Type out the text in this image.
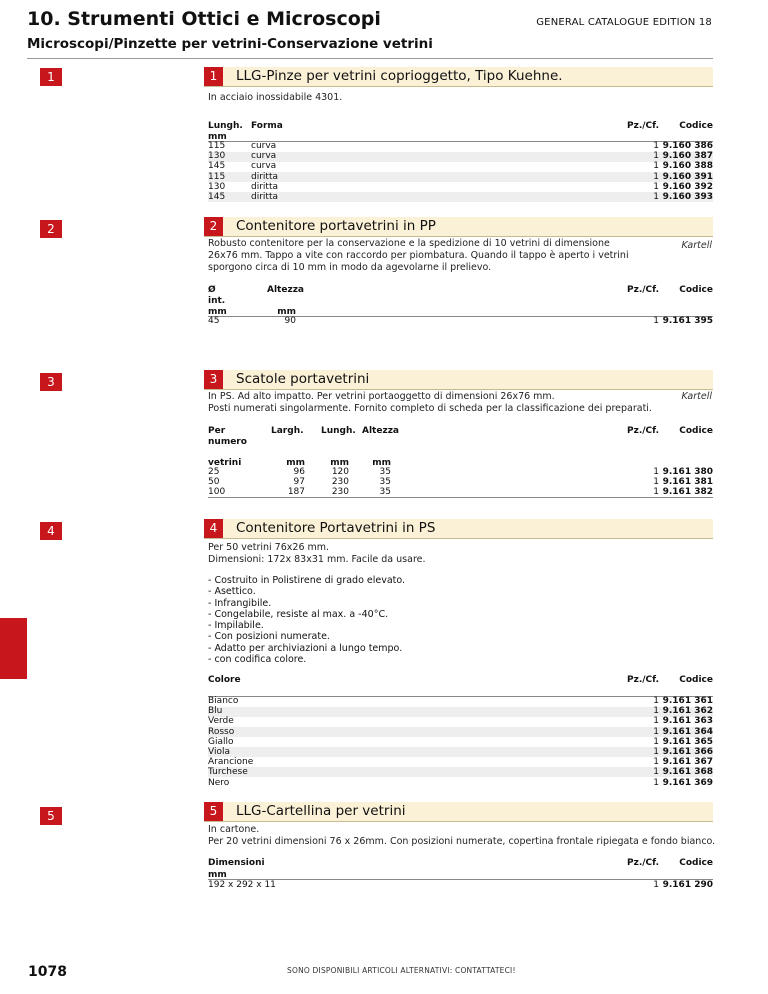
10. Strumenti Ottici e Microscopi	GENERAL CATALOGUE EDITION 18
Microscopi/Pinzette per vetrini-Conservazione vetrini
1
2
3
4
5
1	LLG-Pinze per vetrini coprioggetto, Tipo Kuehne.
In acciaio inossidabile 4301.
Lungh.
mm
Forma	Pz./Cf.	Codice
115	curva	1 9.160 386
130	curva	1 9.160 387
145	curva	1 9.160 388
115	diritta	1 9.160 391
130	diritta	1 9.160 392
145	diritta	1 9.160 393
2	Contenitore portavetrini in PP
Kartell
Robusto contenitore per la conservazione e la spedizione di 10 vetrini di dimensione
26x76 mm. Tappo a vite con raccordo per piombatura. Quando il tappo è aperto i vetrini
sporgono circa di 10 mm in modo da agevolarne il prelievo.
Ø
int.
mm
Altezza
mm
Pz./Cf.	Codice
45	90	1 9.161 395
3	Scatole portavetrini
Kartell
In PS. Ad alto impatto. Per vetrini portaoggetto di dimensioni 26x76 mm.
Posti numerati singolarmente. Fornito completo di scheda per la classificazione dei preparati.
Per
numero
vetrini
Largh. Lungh. Altezza
mm	mm	mm
Pz./Cf.	Codice
25	96	120	35	1 9.161 380
50	97	230	35	1 9.161 381
100	187	230	35	1 9.161 382
4	Contenitore Portavetrini in PS
Per 50 vetrini 76x26 mm.
Dimensioni: 172x 83x31 mm. Facile da usare.
- Costruito in Polistirene di grado elevato.
- Asettico.
- Infrangibile.
- Congelabile, resiste al max. a -40°C.
- Impilabile.
- Con posizioni numerate.
- Adatto per archiviazioni a lungo tempo.
- con codifica colore.
Colore	Pz./Cf.	Codice
Bianco	1 9.161 361
Blu	1 9.161 362
Verde	1 9.161 363
Rosso	1 9.161 364
Giallo	1 9.161 365
Viola	1 9.161 366
Arancione	1 9.161 367
Turchese	1 9.161 368
Nero	1 9.161 369
5	LLG-Cartellina per vetrini
In cartone.
Per 20 vetrini dimensioni 76 x 26mm. Con posizioni numerate, copertina frontale ripiegata e fondo bianco.
Dimensioni
mm
Pz./Cf.	Codice
192 x 292 x 11	1 9.161 290
1078	SONO DISPONIBILI ARTICOLI ALTERNATIVI: CONTATTATECI!
